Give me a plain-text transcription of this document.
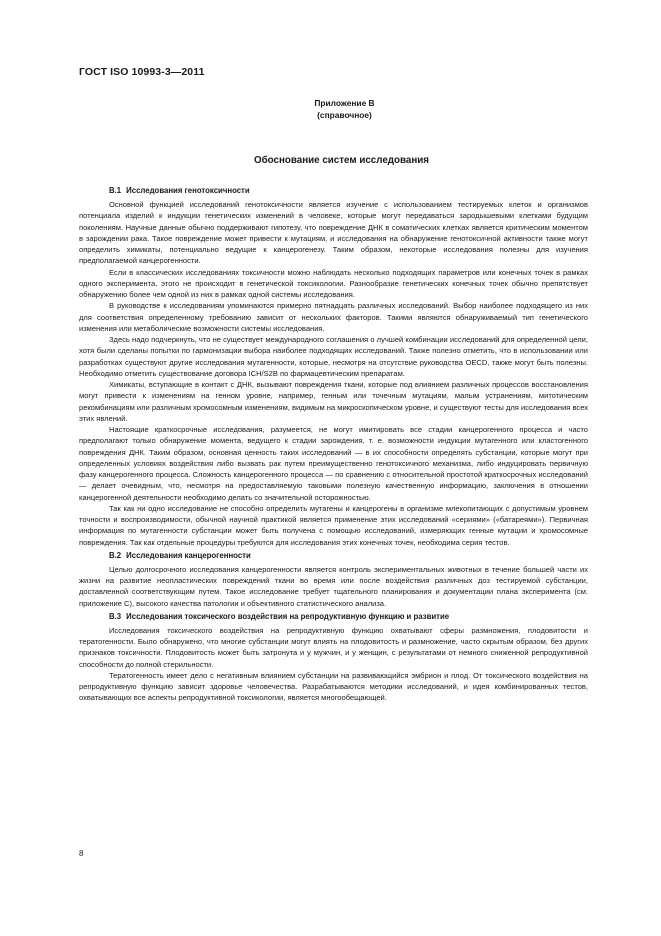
ГОСТ ISO 10993-3—2011
Приложение В
(справочное)
Обоснование систем исследования
В.1 Исследования генотоксичности

Основной функцией исследований генотоксичности является изучение с использованием тестируемых клеток и организмов потенциала изделий к индукции генетических изменений в человеке, которые могут передаваться зародышевыми клетками будущим поколениям. Научные данные обычно поддерживают гипотезу, что повреждение ДНК в соматических клетках является критическим моментом в зарождении рака. Такое повреждение может привести к мутациям, и исследования на обнаружение генотоксичной активности также могут определить химикаты, потенциально ведущие к канцерогенезу. Таким образом, некоторые исследования полезны для изучения предполагаемой канцерогенности.

Если в классических исследованиях токсичности можно наблюдать несколько подходящих параметров или конечных точек в рамках одного эксперимента, этого не происходит в генетической токсикологии. Разнообразие генетических конечных точек обычно препятствует обнаружению более чем одной из них в рамках одной системы исследования.

В руководстве к исследованиям упоминаются примерно пятнадцать различных исследований. Выбор наиболее подходящего из них для соответствия определенному требованию зависит от нескольких факторов. Такими являются обнаруживаемый тип генетического изменения или метаболические возможности системы исследования.

Здесь надо подчеркнуть, что не существует международного соглашения о лучшей комбинации исследований для определенной цели, хотя были сделаны попытки по гармонизации выбора наиболее подходящих исследований. Также полезно отметить, что в использовании или разработках существуют другие исследования мутагенности, которые, несмотря на отсутствие руководства OECD, также могут быть полезны. Необходимо отметить существование договора ICH/S2B по фармацевтическим препаратам.

Химикаты, вступающие в контакт с ДНК, вызывают повреждения ткани, которые под влиянием различных процессов восстановления могут привести к изменениям на генном уровне, например, генным или точечным мутациям, малым устранениям, митотическим рекомбинациям или различным хромосомным изменениям, видимым на микроскопическом уровне, и существуют тесты для исследования всех этих явлений.

Настоящие краткосрочные исследования, разумеется, не могут имитировать все стадии канцерогенного процесса и часто предполагают только обнаружение момента, ведущего к стадии зарождения, т. е. возможности индукции мутагенного или кластогенного повреждения ДНК. Таким образом, основная ценность таких исследований — в их способности определять субстанции, которые могут при определенных условиях воздействия либо вызвать рак путем преимущественно генотоксичного механизма, либо индуцировать первичную фазу канцерогенного процесса. Сложность канцерогенного процесса — по сравнению с относительной простотой краткосрочных исследований — делает очевидным, что, несмотря на предоставляемую таковыми полезную качественную информацию, заключения в отношении канцерогенной деятельности необходимо делать со значительной осторожностью.

Так как ни одно исследование не способно определить мутагены и канцерогены в организме млекопитающих с допустимым уровнем точности и воспроизводимости, обычной научной практикой является применение этих исследований «сериями» («батареями»). Первичная информация по мутагенности субстанции может быть получена с помощью исследований, измеряющих генные мутации и хромосомные повреждения. Так как отдельные процедуры требуются для исследования этих конечных точек, необходима серия тестов.

В.2 Исследования канцерогенности

Целью долгосрочного исследования канцерогенности является контроль экспериментальных животных в течение большей части их жизни на развитие неопластических повреждений ткани во время или после воздействия различных доз тестируемой субстанции, доставленной соответствующим путем. Такое исследование требует тщательного планирования и документации плана эксперимента (см. приложение С), высокого качества патологии и объективного статистического анализа.

В.3 Исследования токсического воздействия на репродуктивную функцию и развитие

Исследования токсического воздействия на репродуктивную функцию охватывают сферы размножения, плодовитости и тератогенности. Было обнаружено, что многие субстанции могут влиять на плодовитость и размножение, часто скрытым образом, без других признаков токсичности. Плодовитость может быть затронута и у мужчин, и у женщин, с результатами от немного сниженной репродуктивной способности до полной стерильности.

Тератогенность имеет дело с негативным влиянием субстанции на развивающийся эмбрион и плод. От токсического воздействия на репродуктивную функцию зависит здоровье человечества. Разрабатываются методики исследований, и идея комбинированных тестов, охватывающих все аспекты репродуктивной токсикологии, является многообещающей.

8
